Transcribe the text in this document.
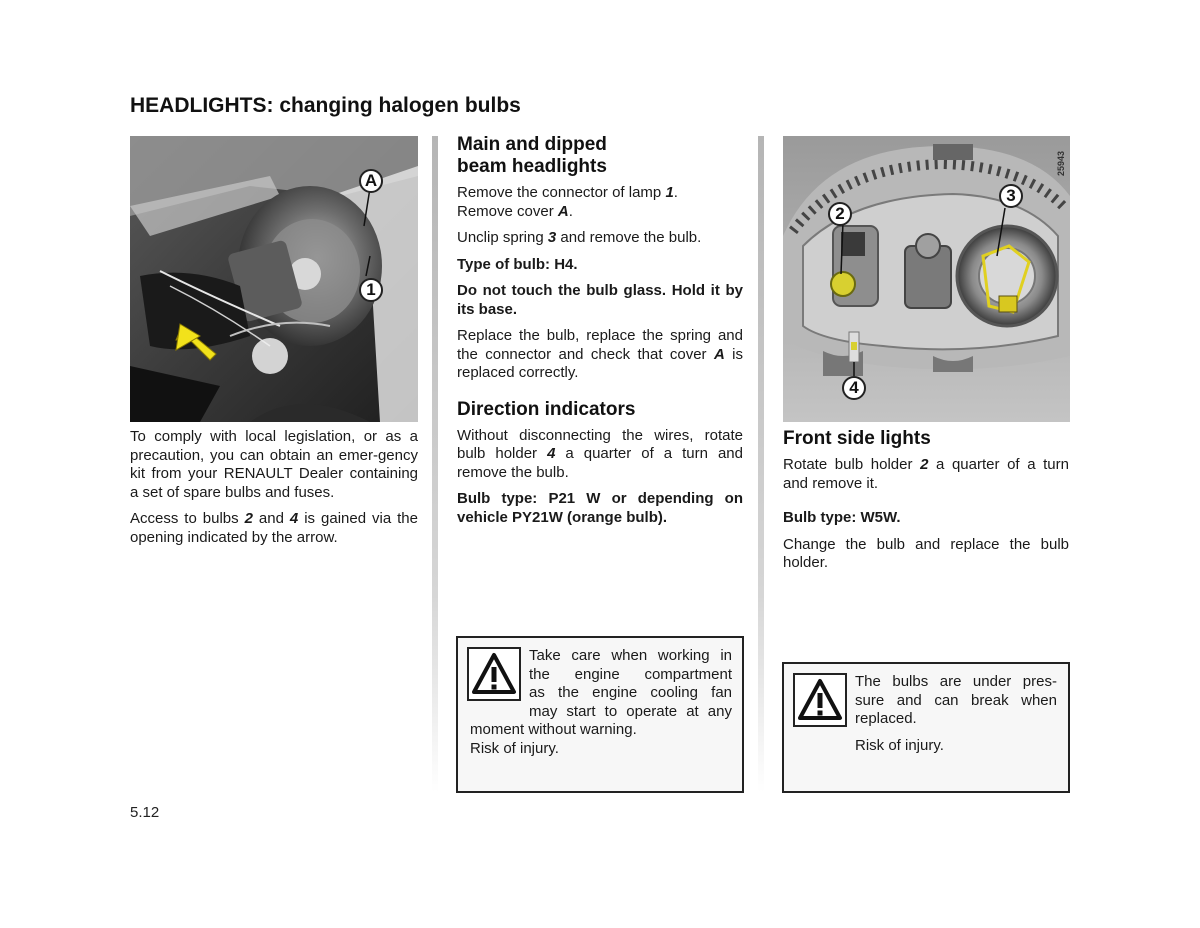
HEADLIGHTS: changing halogen bulbs
A
1

To comply with local legislation, or as a precaution, you can obtain an emer-gency kit from your RENAULT Dealer containing a set of spare bulbs and fuses.

Access to bulbs 2 and 4 is gained via the opening indicated by the arrow.

Main and dipped
beam headlights

Remove the connector of lamp 1.
Remove cover A.

Unclip spring 3 and remove the bulb.

Type of bulb: H4.

Do not touch the bulb glass. Hold it by its base.

Replace the bulb, replace the spring and the connector and check that cover A is replaced correctly.

Direction indicators

Without disconnecting the wires, rotate bulb holder 4 a quarter of a turn and remove the bulb.

Bulb type: P21 W or depending on vehicle PY21W (orange bulb).

Take care when working in

the engine compartment

as the engine cooling fan

may start to operate at any

moment without warning.

Risk of injury.

2
3
4
25943
Front side lights

Rotate bulb holder 2 a quarter of a turn and remove it.

Bulb type: W5W.

Change the bulb and replace the bulb holder.

The bulbs are under pres-

sure and can break when

replaced.

Risk of injury.

5.12
